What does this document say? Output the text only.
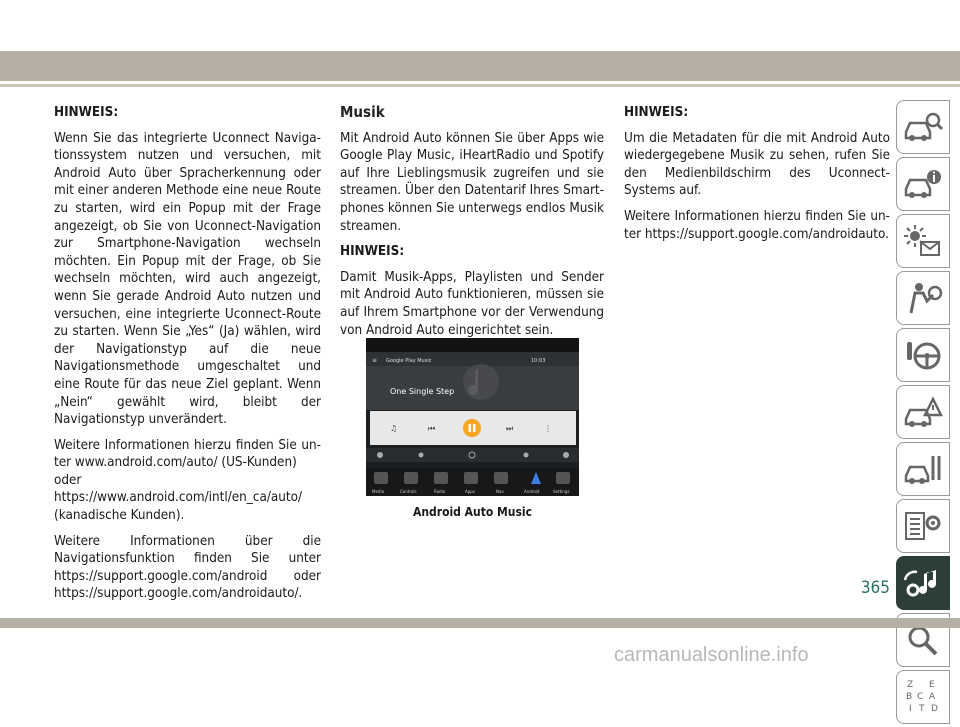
HINWEIS:

Wenn Sie das integrierte Uconnect Navigationssystem nutzen und versuchen, mit Android Auto über Spracherkennung oder mit einer anderen Methode eine neue Route zu starten, wird ein Popup mit der Frage angezeigt, ob Sie von Uconnect-Navigation zur Smartphone-Navigation wechseln möchten. Ein Popup mit der Frage, ob Sie wechseln möchten, wird auch angezeigt, wenn Sie gerade Android Auto nutzen und versuchen, eine integrierte Uconnect-Route zu starten. Wenn Sie „Yes“ (Ja) wählen, wird der Navigationstyp auf die neue Navigationsmethode umgeschaltet und eine Route für das neue Ziel geplant. Wenn „Nein“ gewählt wird, bleibt der Navigationstyp unverändert.

Weitere Informationen hierzu finden Sie unter www.android.com/auto/ (US-Kunden)
oder
https://www.android.com/intl/en_ca/auto/
(kanadische Kunden).

Weitere Informationen über die Navigationsfunktion finden Sie unter
https://support.google.com/android oder
https://support.google.com/androidauto/.

Musik

Mit Android Auto können Sie über Apps wie Google Play Music, iHeartRadio und Spotify auf Ihre Lieblingsmusik zugreifen und sie streamen. Über den Datentarif Ihres Smartphones können Sie unterwegs endlos Musik streamen.

HINWEIS:

Damit Musik-Apps, Playlisten und Sender mit Android Auto funktionieren, müssen sie auf Ihrem Smartphone vor der Verwendung von Android Auto eingerichtet sein.

≡ Google Play Music	10:03
One Single Step
♫	⏮	⏭	⋮
Media	Controls	Radio	Apps	Nav	Android	Settings
Android Auto Music

HINWEIS:

Um die Metadaten für die mit Android Auto wiedergegebene Musik zu sehen, rufen Sie den Medienbildschirm des Uconnect-Systems auf.

Weitere Informationen hierzu finden Sie unter https://support.google.com/androidauto.

Z E
B A
C
T D
I
365
carmanualsonline.info
